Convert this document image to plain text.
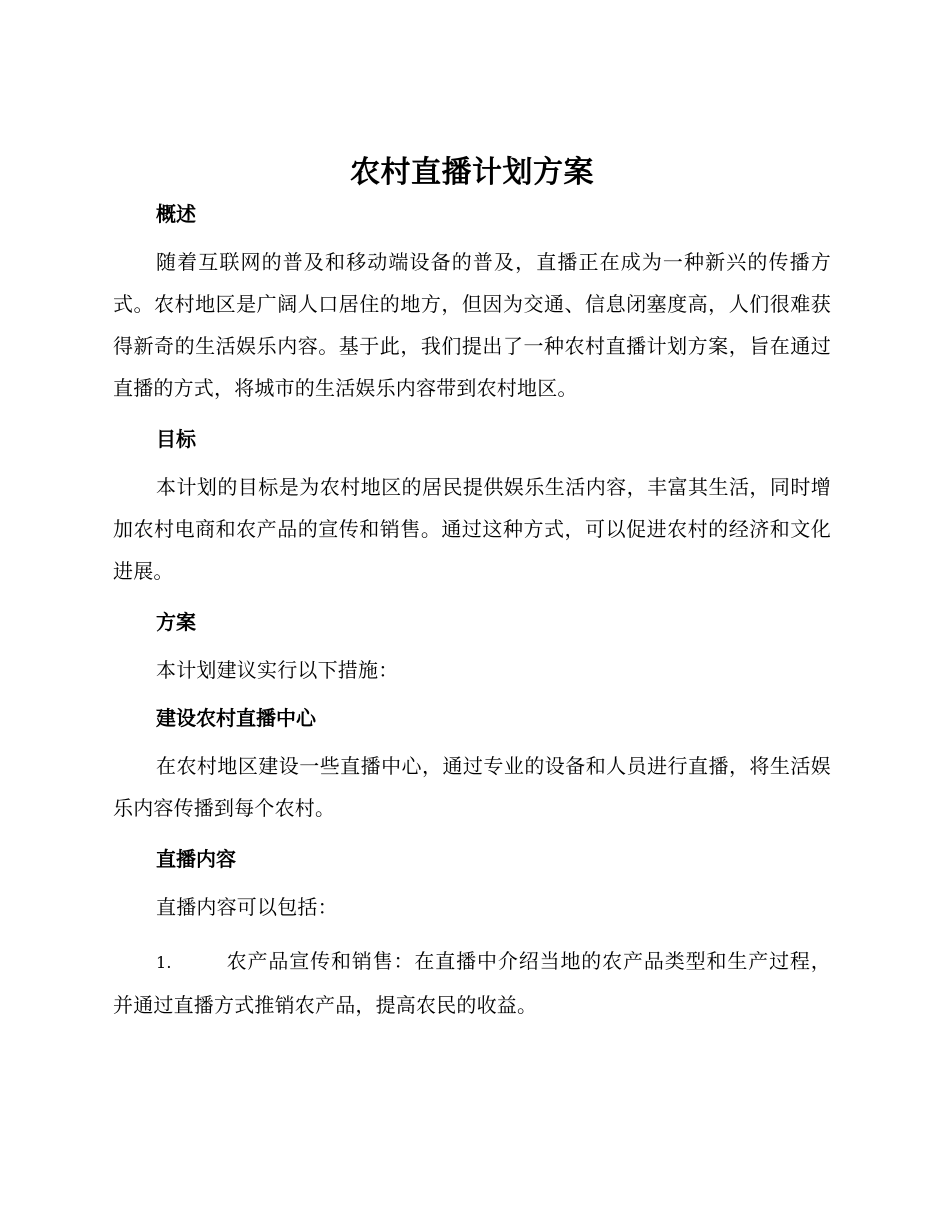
农村直播计划方案
概述

随着互联网的普及和移动端设备的普及，直播正在成为一种新兴的传播方式。农村地区是广阔人口居住的地方，但因为交通、信息闭塞度高，人们很难获得新奇的生活娱乐内容。基于此，我们提出了一种农村直播计划方案，旨在通过直播的方式，将城市的生活娱乐内容带到农村地区。

目标

本计划的目标是为农村地区的居民提供娱乐生活内容，丰富其生活，同时增加农村电商和农产品的宣传和销售。通过这种方式，可以促进农村的经济和文化进展。

方案

本计划建议实行以下措施：

建设农村直播中心

在农村地区建设一些直播中心，通过专业的设备和人员进行直播，将生活娱乐内容传播到每个农村。

直播内容

直播内容可以包括：

1.	农产品宣传和销售：在直播中介绍当地的农产品类型和生产过程，并通过直播方式推销农产品，提高农民的收益。
